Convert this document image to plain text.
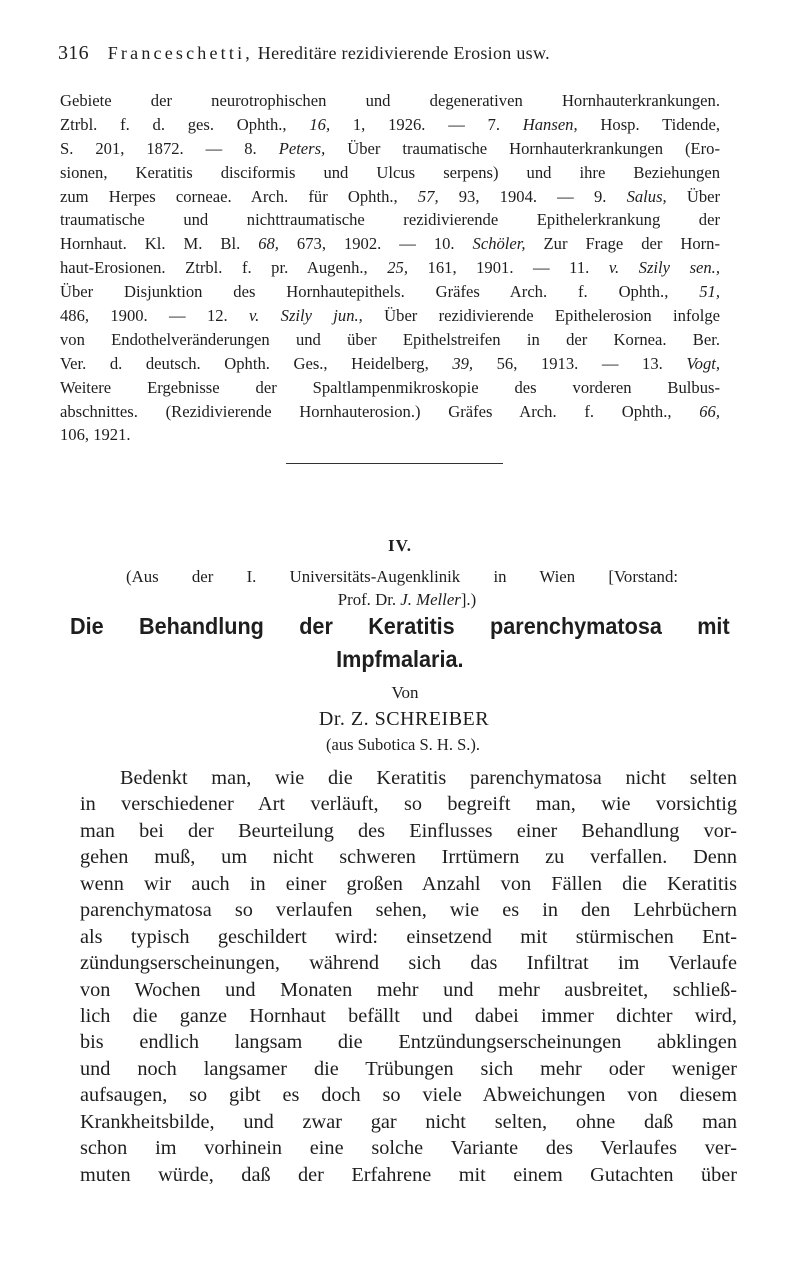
316 Franceschetti, Hereditäre rezidivierende Erosion usw.
Gebiete der neurotrophischen und degenerativen Hornhauterkrankungen.
Ztrbl. f. d. ges. Ophth., 16, 1, 1926. — 7. Hansen, Hosp. Tidende,
S. 201, 1872. — 8. Peters, Über traumatische Hornhauterkrankungen (Ero-
sionen, Keratitis disciformis und Ulcus serpens) und ihre Beziehungen
zum Herpes corneae. Arch. für Ophth., 57, 93, 1904. — 9. Salus, Über
traumatische und nichttraumatische rezidivierende Epithelerkrankung der
Hornhaut. Kl. M. Bl. 68, 673, 1902. — 10. Schöler, Zur Frage der Horn-
haut-Erosionen. Ztrbl. f. pr. Augenh., 25, 161, 1901. — 11. v. Szily sen.,
Über Disjunktion des Hornhautepithels. Gräfes Arch. f. Ophth., 51,
486, 1900. — 12. v. Szily jun., Über rezidivierende Epithelerosion infolge
von Endothelveränderungen und über Epithelstreifen in der Kornea. Ber.
Ver. d. deutsch. Ophth. Ges., Heidelberg, 39, 56, 1913. — 13. Vogt,
Weitere Ergebnisse der Spaltlampenmikroskopie des vorderen Bulbus-
abschnittes. (Rezidivierende Hornhauterosion.) Gräfes Arch. f. Ophth., 66,
106, 1921.
IV.
(Aus der I. Universitäts-Augenklinik in Wien [Vorstand:
Prof. Dr. J. Meller].)
Die Behandlung der Keratitis parenchymatosa mit
Impfmalaria.
Von
Dr. Z. SCHREIBER
(aus Subotica S. H. S.).
Bedenkt man, wie die Keratitis parenchymatosa nicht selten
in verschiedener Art verläuft, so begreift man, wie vorsichtig
man bei der Beurteilung des Einflusses einer Behandlung vor-
gehen muß, um nicht schweren Irrtümern zu verfallen. Denn
wenn wir auch in einer großen Anzahl von Fällen die Keratitis
parenchymatosa so verlaufen sehen, wie es in den Lehrbüchern
als typisch geschildert wird: einsetzend mit stürmischen Ent-
zündungserscheinungen, während sich das Infiltrat im Verlaufe
von Wochen und Monaten mehr und mehr ausbreitet, schließ-
lich die ganze Hornhaut befällt und dabei immer dichter wird,
bis endlich langsam die Entzündungserscheinungen abklingen
und noch langsamer die Trübungen sich mehr oder weniger
aufsaugen, so gibt es doch so viele Abweichungen von diesem
Krankheitsbilde, und zwar gar nicht selten, ohne daß man
schon im vorhinein eine solche Variante des Verlaufes ver-
muten würde, daß der Erfahrene mit einem Gutachten über
